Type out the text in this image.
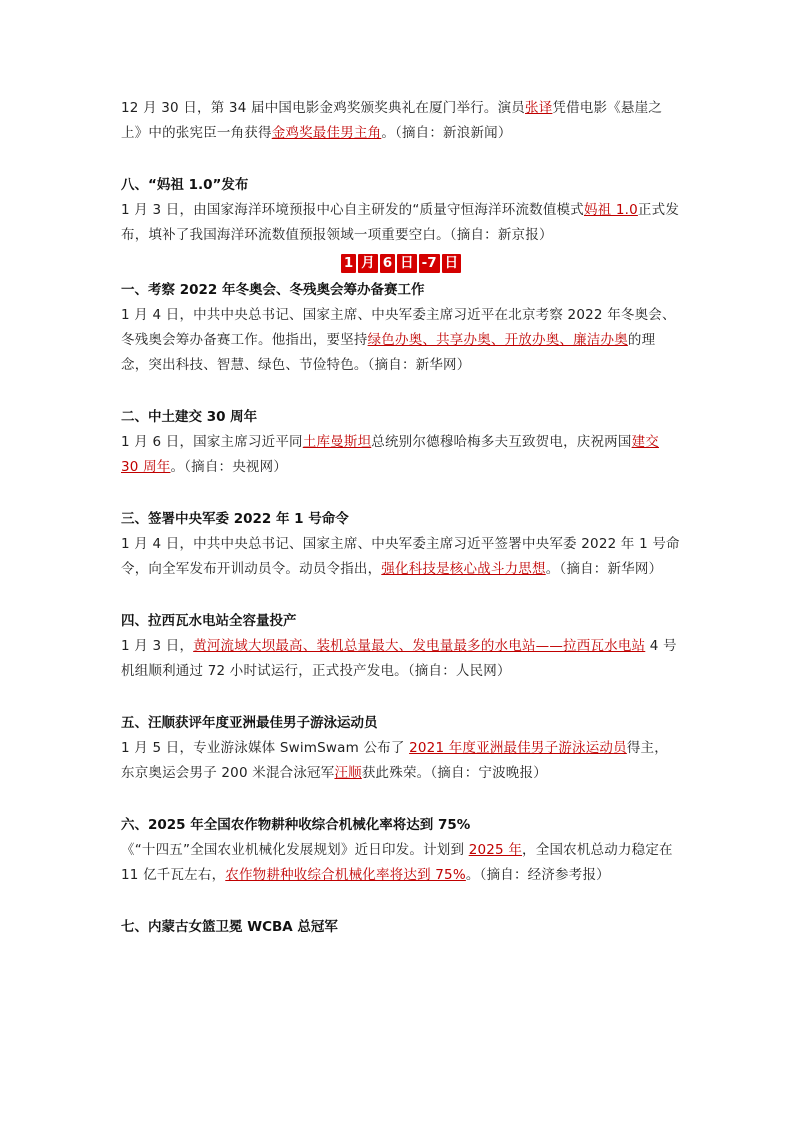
12 月 30 日，第 34 届中国电影金鸡奖颁奖典礼在厦门举行。演员张译凭借电影《悬崖之上》中的张宪臣一角获得金鸡奖最佳男主角。（摘自：新浪新闻）

八、“妈祖 1.0”发布

1 月 3 日，由国家海洋环境预报中心自主研发的“质量守恒海洋环流数值模式妈祖 1.0正式发布，填补了我国海洋环流数值预报领域一项重要空白。（摘自：新京报）

1 月 6 日 -7 日

一、考察 2022 年冬奥会、冬残奥会筹办备赛工作

1 月 4 日，中共中央总书记、国家主席、中央军委主席习近平在北京考察 2022 年冬奥会、冬残奥会筹办备赛工作。他指出，要坚持绿色办奥、共享办奥、开放办奥、廉洁办奥的理念，突出科技、智慧、绿色、节俭特色。（摘自：新华网）

二、中土建交 30 周年

1 月 6 日，国家主席习近平同土库曼斯坦总统别尔德穆哈梅多夫互致贺电，庆祝两国建交 30 周年。（摘自：央视网）

三、签署中央军委 2022 年 1 号命令

1 月 4 日，中共中央总书记、国家主席、中央军委主席习近平签署中央军委 2022 年 1 号命令，向全军发布开训动员令。动员令指出，强化科技是核心战斗力思想。（摘自：新华网）

四、拉西瓦水电站全容量投产

1 月 3 日，黄河流域大坝最高、装机总量最大、发电量最多的水电站——拉西瓦水电站 4 号机组顺利通过 72 小时试运行，正式投产发电。（摘自：人民网）

五、汪顺获评年度亚洲最佳男子游泳运动员

1 月 5 日，专业游泳媒体 SwimSwam 公布了 2021 年度亚洲最佳男子游泳运动员得主，东京奥运会男子 200 米混合泳冠军汪顺获此殊荣。（摘自：宁波晚报）

六、2025 年全国农作物耕种收综合机械化率将达到 75%

《“十四五”全国农业机械化发展规划》近日印发。计划到 2025 年，全国农机总动力稳定在 11 亿千瓦左右，农作物耕种收综合机械化率将达到 75%。（摘自：经济参考报）

七、内蒙古女篮卫冕 WCBA 总冠军
